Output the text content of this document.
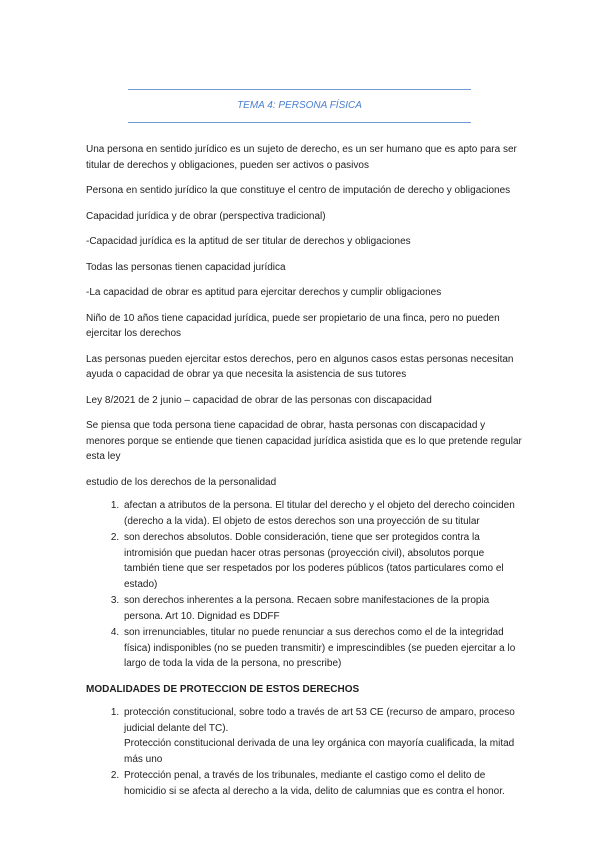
TEMA 4: PERSONA FÍSICA

Una persona en sentido jurídico es un sujeto de derecho, es un ser humano que es apto para ser titular de derechos y obligaciones, pueden ser activos o pasivos

Persona en sentido jurídico la que constituye el centro de imputación de derecho y obligaciones

Capacidad jurídica y de obrar (perspectiva tradicional)

-Capacidad jurídica es la aptitud de ser titular de derechos y obligaciones

Todas las personas tienen capacidad jurídica

-La capacidad de obrar es aptitud para ejercitar derechos y cumplir obligaciones

Niño de 10 años tiene capacidad jurídica, puede ser propietario de una finca, pero no pueden ejercitar los derechos

Las personas pueden ejercitar estos derechos, pero en algunos casos estas personas necesitan ayuda o capacidad de obrar ya que necesita la asistencia de sus tutores

Ley 8/2021 de 2 junio – capacidad de obrar de las personas con discapacidad

Se piensa que toda persona tiene capacidad de obrar, hasta personas con discapacidad y menores porque se entiende que tienen capacidad jurídica asistida que es lo que pretende regular esta ley

estudio de los derechos de la personalidad

1. afectan a atributos de la persona. El titular del derecho y el objeto del derecho coinciden (derecho a la vida). El objeto de estos derechos son una proyección de su titular
2. son derechos absolutos. Doble consideración, tiene que ser protegidos contra la intromisión que puedan hacer otras personas (proyección civil), absolutos porque también tiene que ser respetados por los poderes públicos (tatos particulares como el estado)
3. son derechos inherentes a la persona. Recaen sobre manifestaciones de la propia persona. Art 10. Dignidad es DDFF
4. son irrenunciables, titular no puede renunciar a sus derechos como el de la integridad física) indisponibles (no se pueden transmitir) e imprescindibles (se pueden ejercitar a lo largo de toda la vida de la persona, no prescribe)

MODALIDADES DE PROTECCION DE ESTOS DERECHOS

1. protección constitucional, sobre todo a través de art 53 CE (recurso de amparo, proceso judicial delante del TC).
Protección constitucional derivada de una ley orgánica con mayoría cualificada, la mitad más uno
2. Protección penal, a través de los tribunales, mediante el castigo como el delito de homicidio si se afecta al derecho a la vida, delito de calumnias que es contra el honor.
